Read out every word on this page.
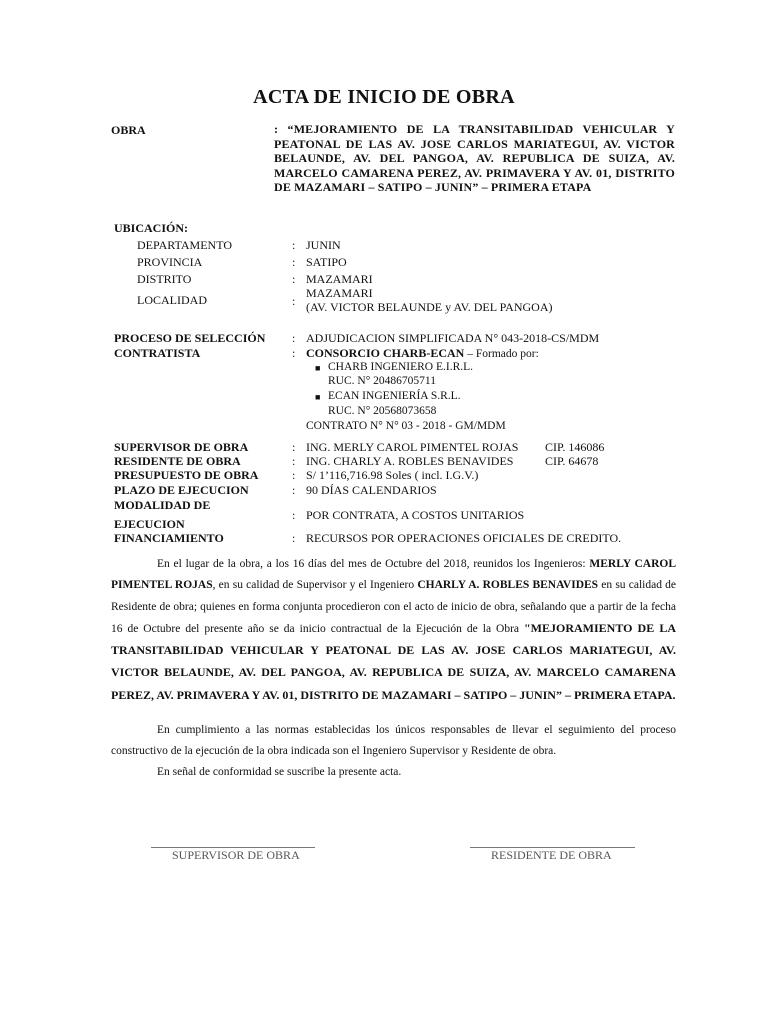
ACTA DE INICIO DE OBRA
OBRA	: “MEJORAMIENTO DE LA TRANSITABILIDAD VEHICULAR Y PEATONAL DE LAS AV. JOSE CARLOS MARIATEGUI, AV. VICTOR BELAUNDE, AV. DEL PANGOA, AV. REPUBLICA DE SUIZA, AV. MARCELO CAMARENA PEREZ, AV. PRIMAVERA Y AV. 01, DISTRITO DE MAZAMARI – SATIPO – JUNIN” – PRIMERA ETAPA
UBICACIÓN:
DEPARTAMENTO	: JUNIN
PROVINCIA	: SATIPO
DISTRITO	: MAZAMARI
LOCALIDAD	:
MAZAMARI
(AV. VICTOR BELAUNDE y AV. DEL PANGOA)
PROCESO DE SELECCIÓN : ADJUDICACION SIMPLIFICADA N° 043-2018-CS/MDM
CONTRATISTA	: CONSORCIO CHARB-ECAN – Formado por:
■ CHARB INGENIERO E.I.R.L.
RUC. N° 20486705711
■ ECAN INGENIERÍA S.R.L.
RUC. N° 20568073658
CONTRATO N° N° 03 - 2018 - GM/MDM
SUPERVISOR DE OBRA	: ING. MERLY CAROL PIMENTEL ROJAS CIP. 146086
RESIDENTE DE OBRA	: ING. CHARLY A. ROBLES BENAVIDES	CIP. 64678
PRESUPUESTO DE OBRA	: S/ 1’116,716.98 Soles ( incl. I.G.V.)
PLAZO DE EJECUCION	: 90 DÍAS CALENDARIOS
MODALIDAD DE
: POR CONTRATA, A COSTOS UNITARIOS
EJECUCION
FINANCIAMIENTO	: RECURSOS POR OPERACIONES OFICIALES DE CREDITO.
En el lugar de la obra, a los 16 días del mes de Octubre del 2018, reunidos los Ingenieros: MERLY CAROL PIMENTEL ROJAS, en su calidad de Supervisor y el Ingeniero CHARLY A. ROBLES BENAVIDES en su calidad de Residente de obra; quienes en forma conjunta procedieron con el acto de inicio de obra, señalando que a partir de la fecha 16 de Octubre del presente año se da inicio contractual de la Ejecución de la Obra "MEJORAMIENTO DE LA TRANSITABILIDAD VEHICULAR Y PEATONAL DE LAS AV. JOSE CARLOS MARIATEGUI, AV. VICTOR BELAUNDE, AV. DEL PANGOA, AV. REPUBLICA DE SUIZA, AV. MARCELO CAMARENA PEREZ, AV. PRIMAVERA Y AV. 01, DISTRITO DE MAZAMARI – SATIPO – JUNIN” – PRIMERA ETAPA.
En cumplimiento a las normas establecidas los únicos responsables de llevar el seguimiento del proceso constructivo de la ejecución de la obra indicada son el Ingeniero Supervisor y Residente de obra.
En señal de conformidad se suscribe la presente acta.
SUPERVISOR DE OBRA	RESIDENTE DE OBRA
